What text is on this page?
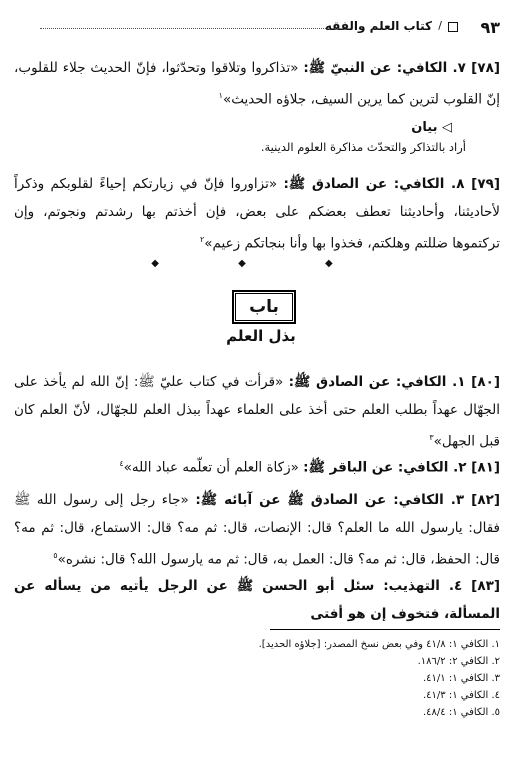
٩٣
/
كتاب العلم والفقه

[٧٨] ٧. الكافي: عن النبيّ ﷺ: «تذاكروا وتلاقوا وتحدّثوا، فإنّ الحديث جلاء للقلوب، إنّ القلوب لترين كما يرين السيف، جلاؤه الحديث»$^١$

◁ بيان
أراد بالتذاكر والتحدّث مذاكرة العلوم الدينية.

[٧٩] ٨. الكافي: عن الصادق ﷺ: «تزاوروا فإنّ في زيارتكم إحياءً لقلوبكم وذكراً لأحاديثنا، وأحاديثنا تعطف بعضكم على بعض، فإن أخذتم بها رشدتم ونجوتم، وإن تركتموها ضللتم وهلكتم، فخذوا بها وأنا بنجاتكم زعيم»$^٢$

◆ ◆ ◆
باب
بذل العلم

[٨٠] ١. الكافي: عن الصادق ﷺ: «قرأت في كتاب عليّ ﷺ: إنّ الله لم يأخذ على الجهّال عهداً بطلب العلم حتى أخذ على العلماء عهداً ببذل العلم للجهّال، لأنّ العلم كان قبل الجهل»$^٣$

[٨١] ٢. الكافي: عن الباقر ﷺ: «زكاة العلم أن تعلّمه عباد الله»$^٤$

[٨٢] ٣. الكافي: عن الصادق ﷺ عن آبائه ﷺ: «جاء رجل إلى رسول الله ﷺ فقال: يارسول الله ما العلم؟ قال: الإنصات، قال: ثم مه؟ قال: الاستماع، قال: ثم مه؟ قال: الحفظ، قال: ثم مه؟ قال: العمل به، قال: ثم مه يارسول الله؟ قال: نشره»$^٥$

[٨٣] ٤. التهذيب: سئل أبو الحسن ﷺ عن الرجل يأتيه من يسأله عن المسألة، فتخوف إن هو أفتى

١. الكافي ١: ٤١/٨ وفي بعض نسخ المصدر: [جلاؤه الحديد].
٢. الكافي ٢: ١٨٦/٢.
٣. الكافي ١: ٤١/١.
٤. الكافي ١: ٤١/٣.
٥. الكافي ١: ٤٨/٤.
